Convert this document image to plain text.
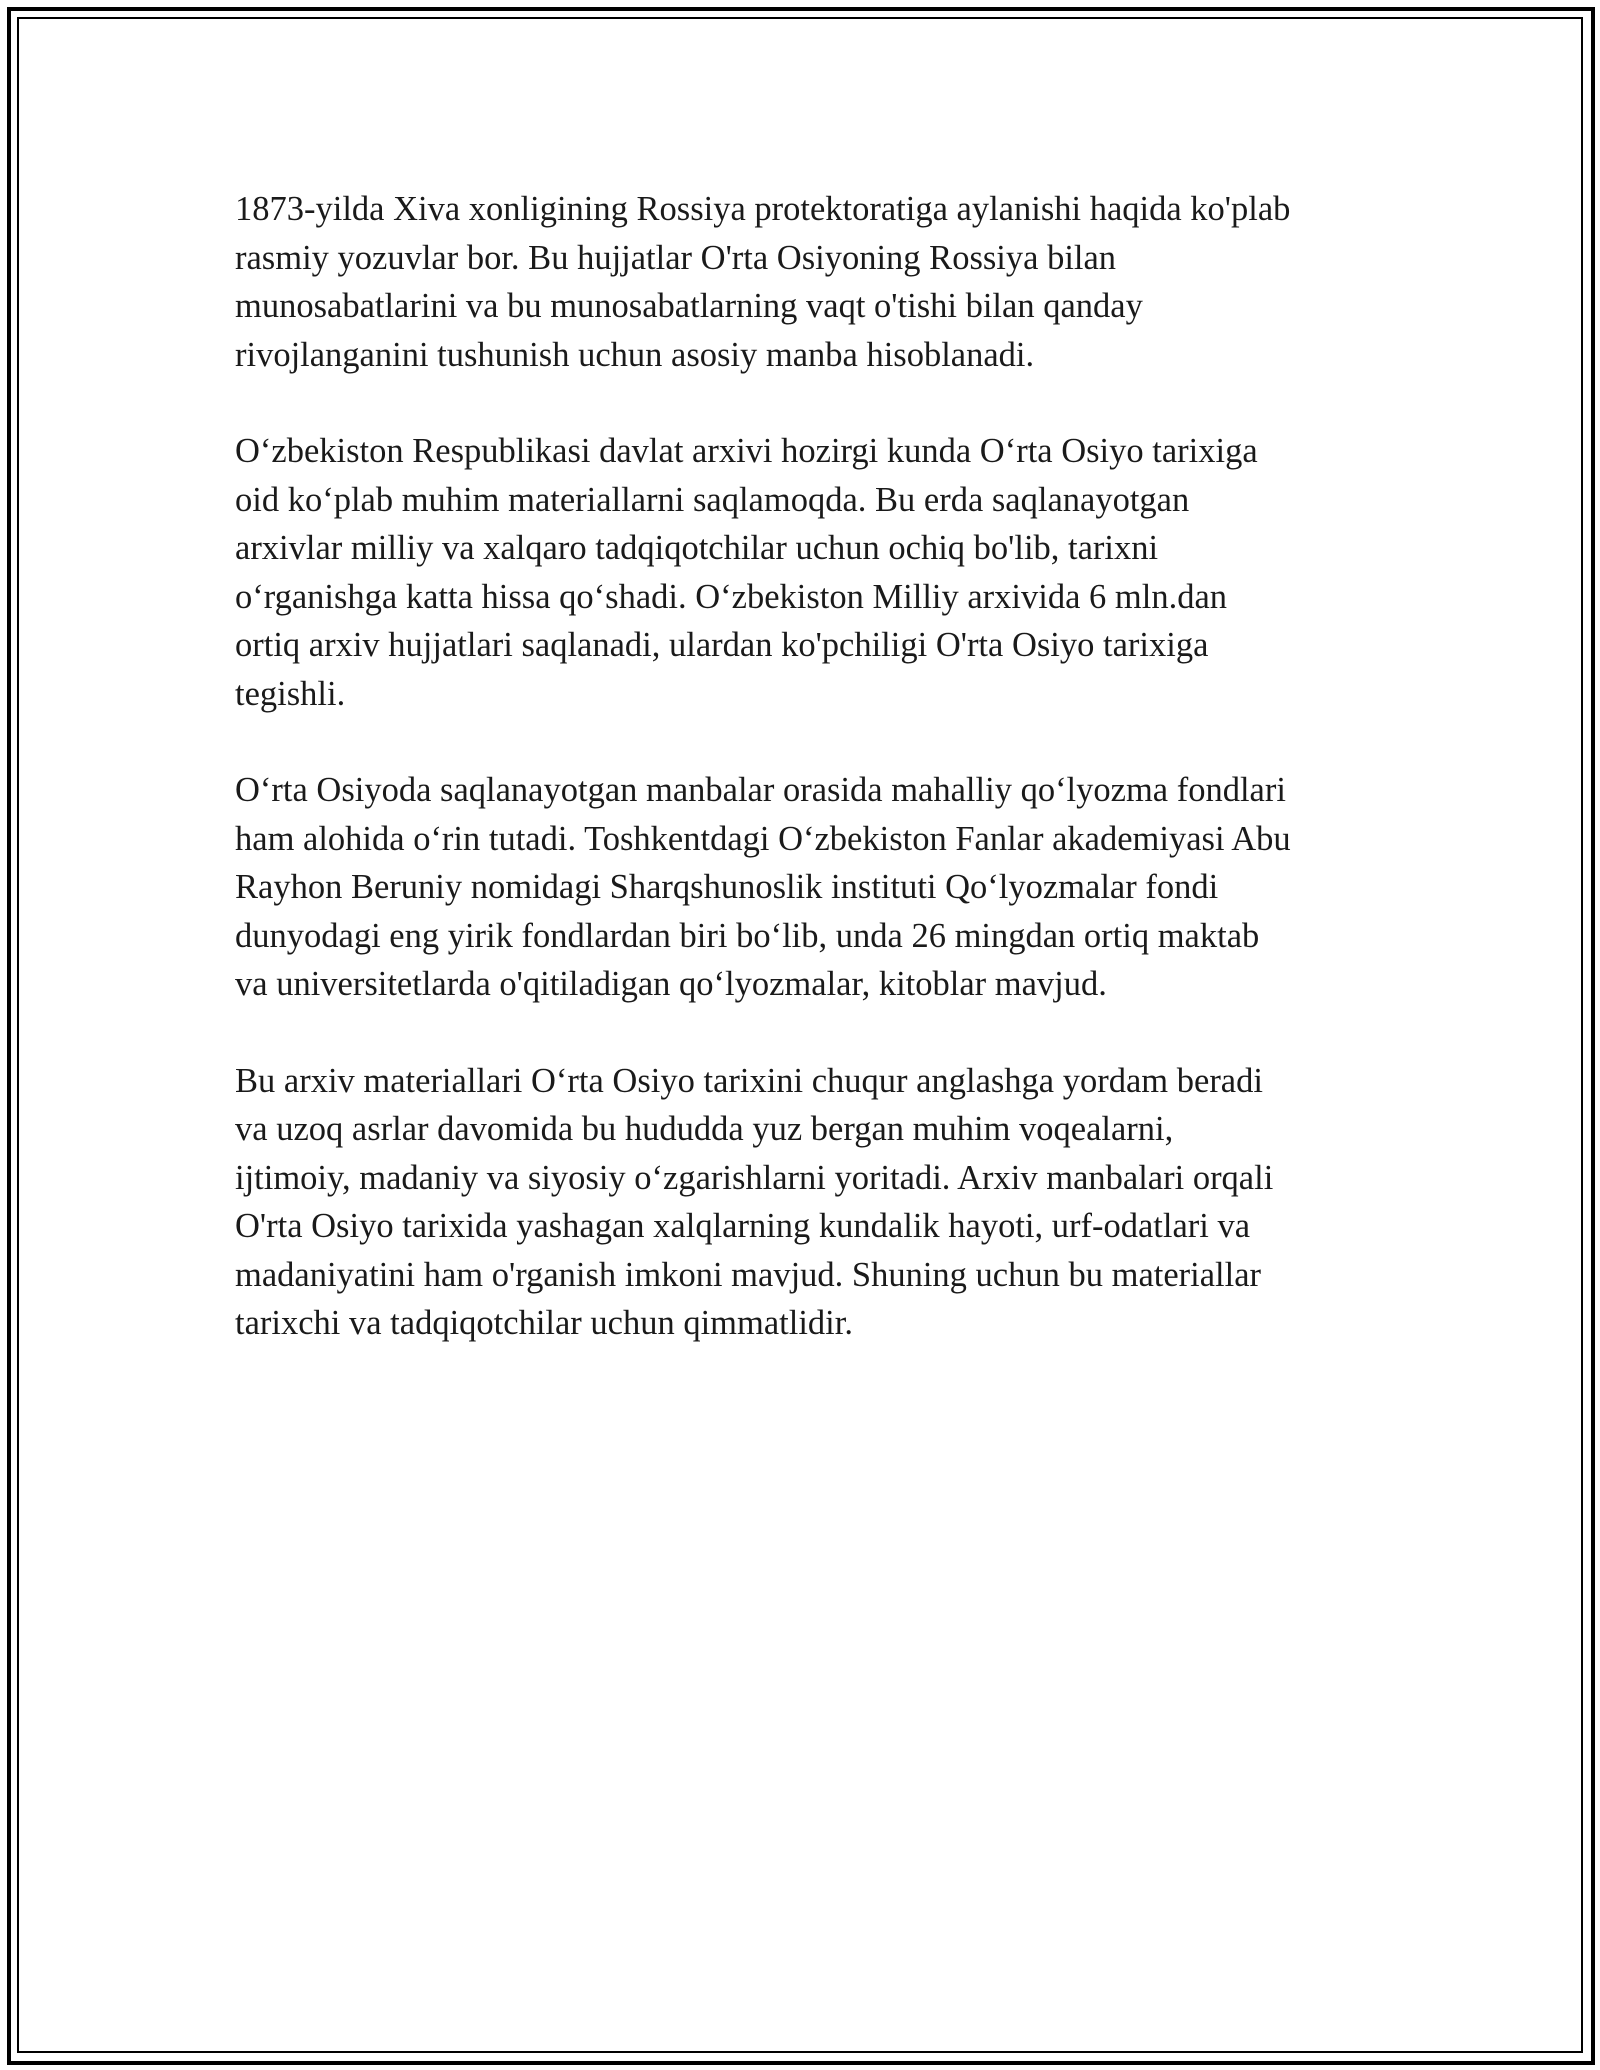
1873-yilda Xiva xonligining Rossiya protektoratiga aylanishi haqida ko'plab
rasmiy yozuvlar bor. Bu hujjatlar O'rta Osiyoning Rossiya bilan
munosabatlarini va bu munosabatlarning vaqt o'tishi bilan qanday
rivojlanganini tushunish uchun asosiy manba hisoblanadi.

O‘zbekiston Respublikasi davlat arxivi hozirgi kunda O‘rta Osiyo tarixiga
oid ko‘plab muhim materiallarni saqlamoqda. Bu erda saqlanayotgan
arxivlar milliy va xalqaro tadqiqotchilar uchun ochiq bo'lib, tarixni
o‘rganishga katta hissa qo‘shadi. O‘zbekiston Milliy arxivida 6 mln.dan
ortiq arxiv hujjatlari saqlanadi, ulardan ko'pchiligi O'rta Osiyo tarixiga
tegishli.

O‘rta Osiyoda saqlanayotgan manbalar orasida mahalliy qo‘lyozma fondlari
ham alohida o‘rin tutadi. Toshkentdagi O‘zbekiston Fanlar akademiyasi Abu
Rayhon Beruniy nomidagi Sharqshunoslik instituti Qo‘lyozmalar fondi
dunyodagi eng yirik fondlardan biri bo‘lib, unda 26 mingdan ortiq maktab
va universitetlarda o'qitiladigan qo‘lyozmalar, kitoblar mavjud.

Bu arxiv materiallari O‘rta Osiyo tarixini chuqur anglashga yordam beradi
va uzoq asrlar davomida bu hududda yuz bergan muhim voqealarni,
ijtimoiy, madaniy va siyosiy o‘zgarishlarni yoritadi. Arxiv manbalari orqali
O'rta Osiyo tarixida yashagan xalqlarning kundalik hayoti, urf-odatlari va
madaniyatini ham o'rganish imkoni mavjud. Shuning uchun bu materiallar
tarixchi va tadqiqotchilar uchun qimmatlidir.
